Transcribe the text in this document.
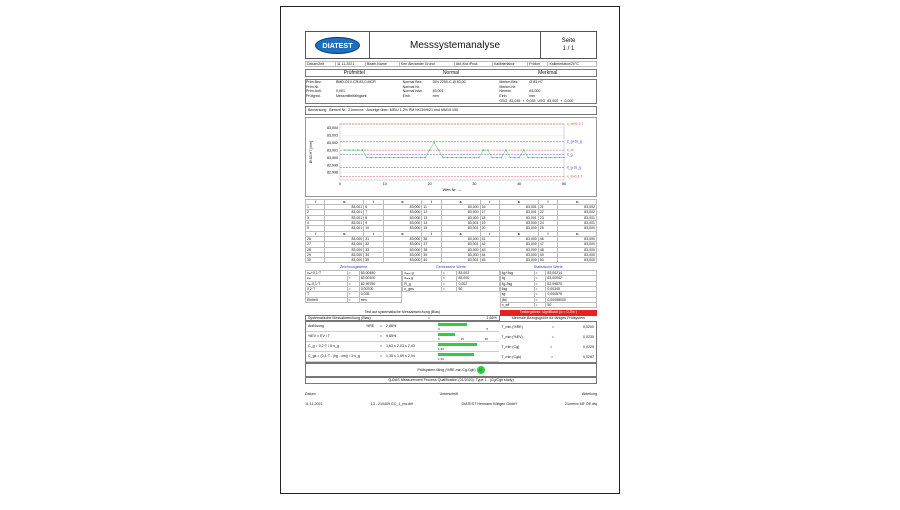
DIATEST	Messsystemanalyse	Seite
1 / 1
Datum/Zeit	11.11.2021	Bearb.Name	Krm Alexander Grund	Abt./Kst./Prod.	Kalibrierlabor	Prüfort	Kalibrierlabor/20°C
Prüfmittel	Normal	Merkmal
Prfm.Bez.	BMD-D10-CR-83,0-MCR
Prfm.Nr.
Prfm.Aufl.	0,001
Prüfgrnd.	Messmittelfähigkeit
Normal Bez.	DIN 2250-C-Ø 83,00
Normal Nr.
Normal Istw.	83,001
Einh.	mm
Merkm.Bez.	Ø 83 H7
Merkm.Nr.
Nennm.	83,000
Einh.	mm
OSG 83,035 + 0,035 USG 83,000 + 0,000
Bemerkung Bericht Nr.: 21mmxxx · Anzeige über: MEIU 1,2% PM Nr13/09/21 und MM10.150
83,004
83,003
83,002
83,001
83,000
82,999
82,998
0	10	20	30	40	50
x_m+0,1·T
x̄_g+3s_g
x_m
x̄_g
x̄_g-3s_g
x_m-0,1·T
Wert Nr. →
Ø 83 H7 [mm]
i	xᵢ	i	xᵢ	i	xᵢ	i	xᵢ	i	xᵢ
1	83,001	6	83,000	11	83,000	16	83,001	21	83,002
2	83,001	7	83,000	12	83,000	17	83,001	22	83,002
3	83,001	8	83,000	13	83,000	18	83,001	23	83,001
4	83,001	9	83,000	14	83,001	19	83,000	24	83,001
5	83,001	10	83,000	15	83,001	20	83,000	25	83,000
i	xᵢ	i	xᵢ	i	xᵢ	i	xᵢ	i	xᵢ
26	83,000	31	83,000	36	83,000	41	83,000	46	83,000
27	83,000	32	83,001	37	83,001	42	83,000	47	83,000
28	83,000	33	83,000	38	83,000	43	83,000	48	83,000
29	83,000	34	83,000	39	83,000	44	83,000	49	83,000
30	83,000	35	83,000	40	83,001	45	83,000	50	83,000
Zeichnungswerte
xₘ+0,1·T	=	83,00450
xₘ	=	83,00100
xₘ-0,1·T	=	82,99750
0,2·T	=	0,00700
T	=	0,035
Einheit	=	mm
Gemessene Werte
xₘₐₓ g	=	83,002
xₘᵢₙ g	=	83,000
R_g	=	0,002
n_ges	=	50
Statistische Werte
x̄g+3sg	=	83,00214
x̄g	=	83,00042
x̄g-3sg	=	82,99870
6sg	=	0,00345
sg	=	0,000575
|Bi|	=	0,00058000
n_eff	=	50
Test auf systematische Messabweichung (Bias)
Systematische Messabweichung (Bias):	=	1,66%
Testergebnis: signifikant (α = 0,3% )
Minimale Bezugsgröße für fähiges Prüfsystem
Auflösung	%RE	=	2,86%
0	5
%EV = EV / T	=	9,85%
0	15	30
C_g = 0,2·T / 6·s_g	=	1,63 ≤ 2,03 ≤ 2,43
1,33
C_gk = (0,1·T - |x̄g - xm|) / 3·s_g	=	1,35 ≤ 1,69 ≤ 2,04
1,33
T_min (%RE)	=	0,0200
T_min (%EV)	=	0,0230
T_min (Cg)	=	0,0229
T_min (Cgk)	=	0,0287
Prüfsystem fähig (%RE,min.Cg,Cgk) ☺
Q-DAS Measurement Process Qualification (01/2020): Type 1 - (Cg/Cgk study)
Datum	Unterschrift	Abteilung
11.11.2021	13 - 210409 GC_1_ms.def	DIATEST Hermann Költgen GmbH	21mmxx MF OE.dfq
